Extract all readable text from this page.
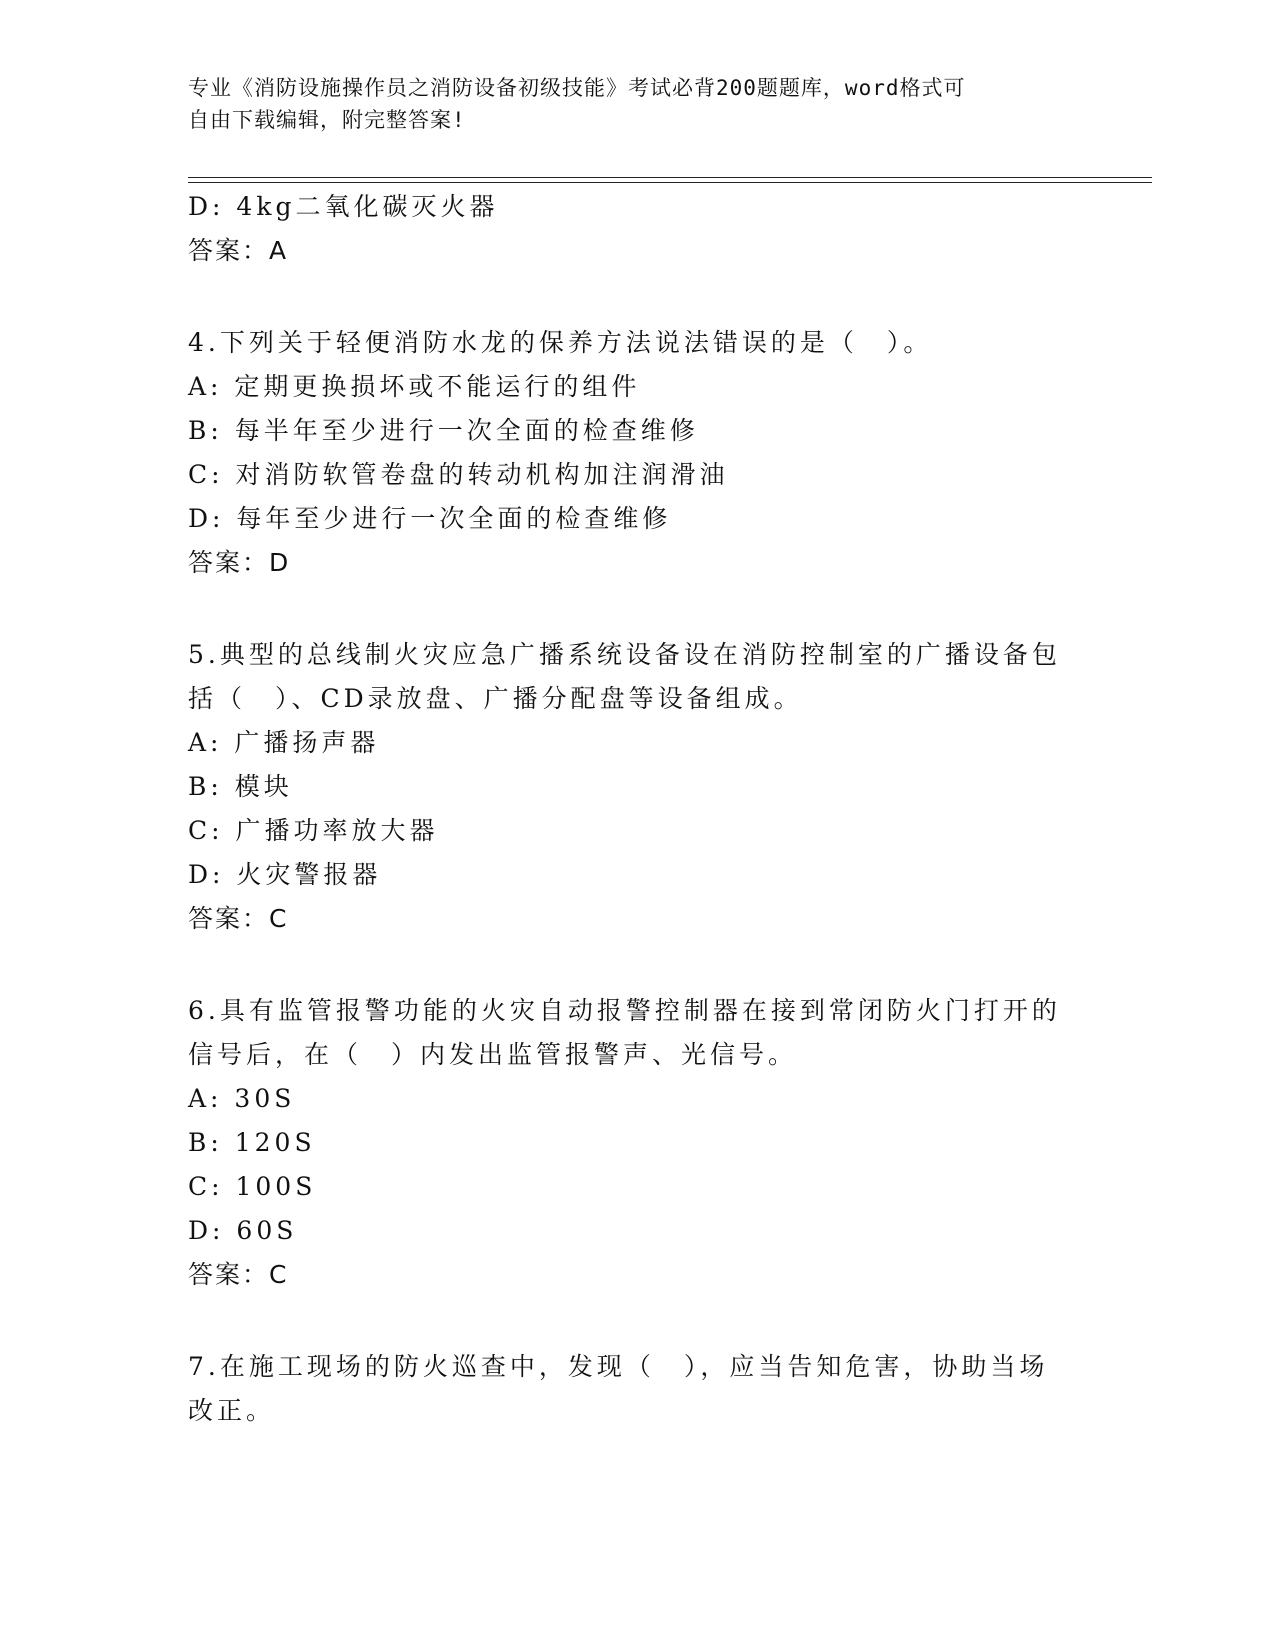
专业《消防设施操作员之消防设备初级技能》考试必背200题题库，word格式可
自由下载编辑，附完整答案!
D: 4kg二氧化碳灭火器
答案：A
4.下列关于轻便消防水龙的保养方法说法错误的是（　）。
A: 定期更换损坏或不能运行的组件
B: 每半年至少进行一次全面的检查维修
C: 对消防软管卷盘的转动机构加注润滑油
D: 每年至少进行一次全面的检查维修
答案：D
5.典型的总线制火灾应急广播系统设备设在消防控制室的广播设备包
括（　）、CD录放盘、广播分配盘等设备组成。
A: 广播扬声器
B: 模块
C: 广播功率放大器
D: 火灾警报器
答案：C
6.具有监管报警功能的火灾自动报警控制器在接到常闭防火门打开的
信号后，在（　）内发出监管报警声、光信号。
A: 30S
B: 120S
C: 100S
D: 60S
答案：C
7.在施工现场的防火巡查中，发现（　），应当告知危害，协助当场
改正。
